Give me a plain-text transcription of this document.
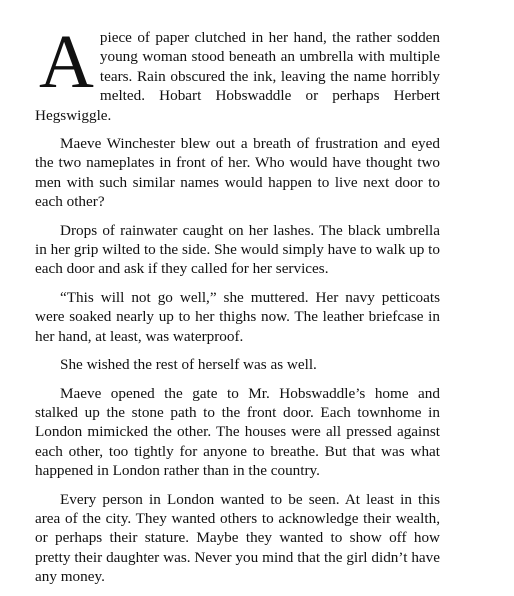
Apiece of paper clutched in her hand, the rather sodden young woman stood beneath an umbrella with multiple tears. Rain obscured the ink, leaving the name horribly melted. Hobart Hobswaddle or perhaps Herbert Hegswiggle.

Maeve Winchester blew out a breath of frustration and eyed the two nameplates in front of her. Who would have thought two men with such similar names would happen to live next door to each other?

Drops of rainwater caught on her lashes. The black umbrella in her grip wilted to the side. She would simply have to walk up to each door and ask if they called for her services.

“This will not go well,” she muttered. Her navy petticoats were soaked nearly up to her thighs now. The leather briefcase in her hand, at least, was waterproof.

She wished the rest of herself was as well.

Maeve opened the gate to Mr. Hobswaddle’s home and stalked up the stone path to the front door. Each townhome in London mimicked the other. The houses were all pressed against each other, too tightly for anyone to breathe. But that was what happened in London rather than in the country.

Every person in London wanted to be seen. At least in this area of the city. They wanted others to acknowledge their wealth, or perhaps their stature. Maybe they wanted to show off how pretty their daughter was. Never you mind that the girl didn’t have any money.
